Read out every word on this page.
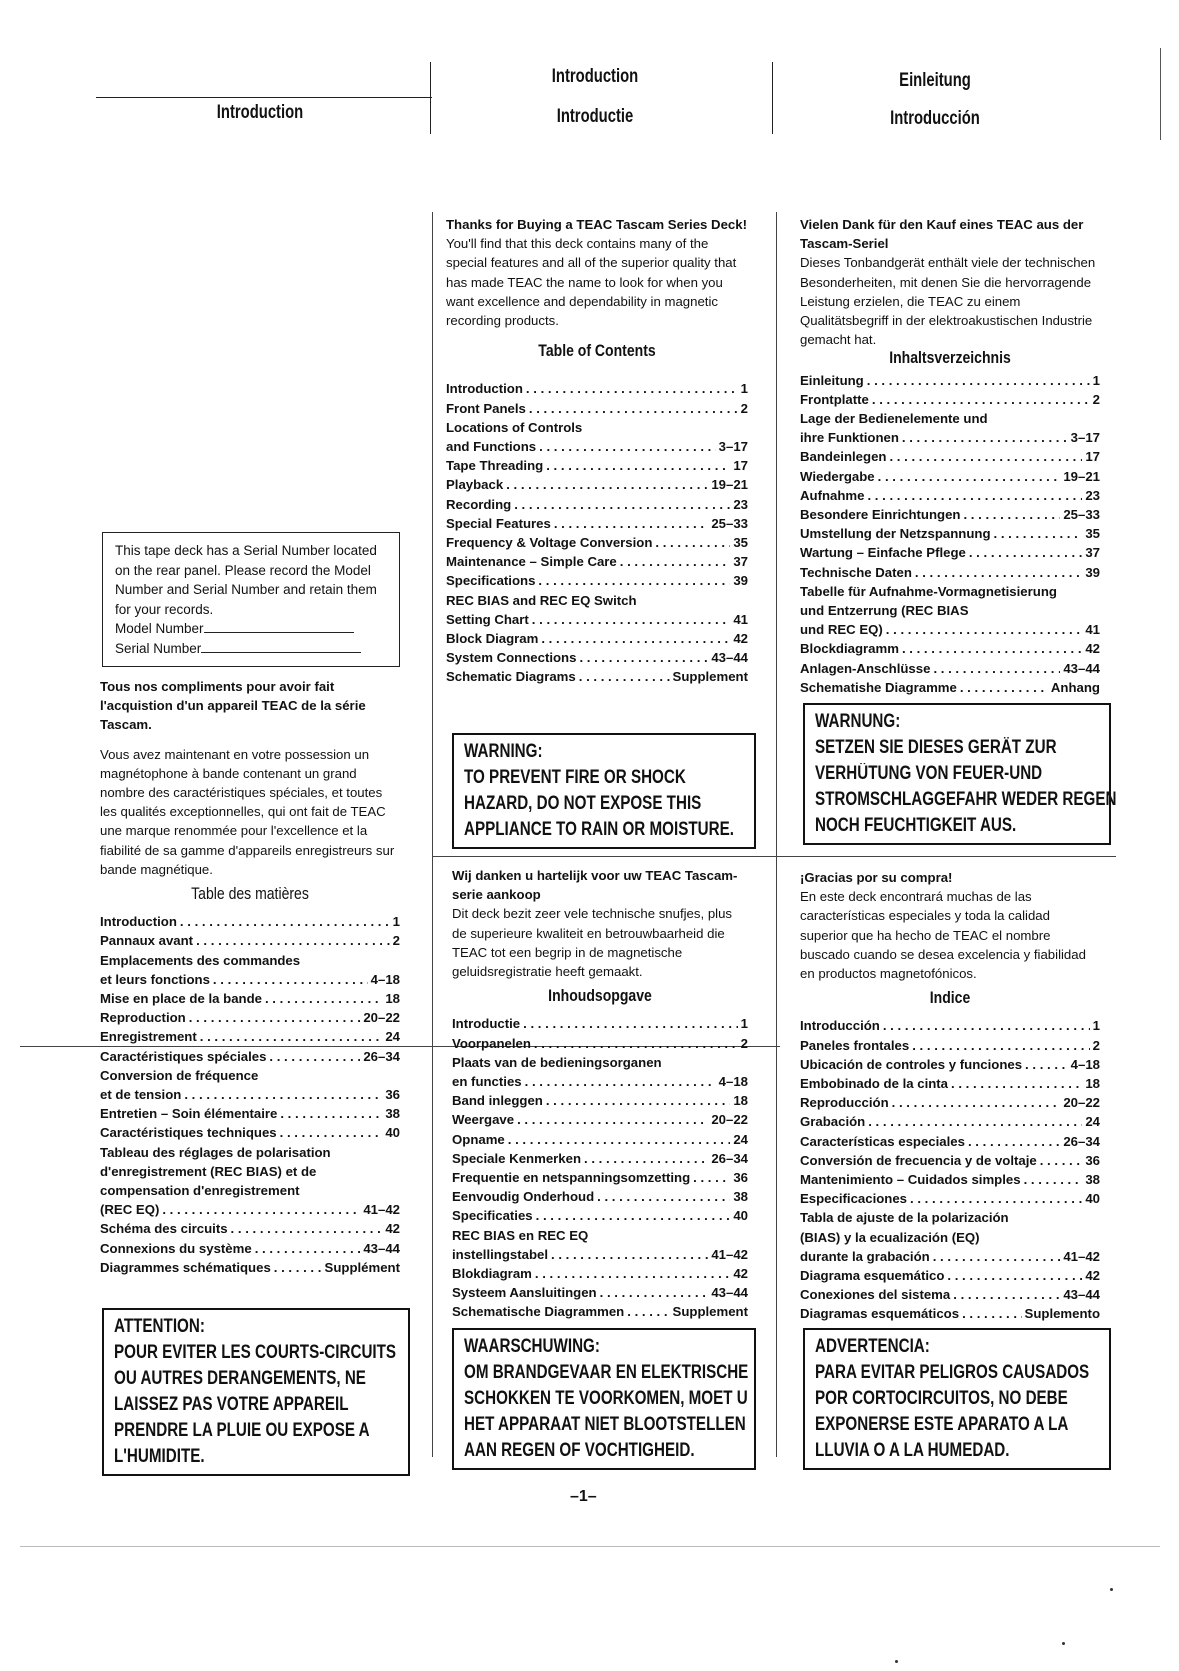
Introduction
Introduction
Introductie
Einleitung
Introducción
This tape deck has a Serial Number located on the rear panel. Please record the Model Number and Serial Number and retain them for your records.
Model Number
Serial Number

Tous nos compliments pour avoir fait l'acquistion d'un appareil TEAC de la série Tascam.

Vous avez maintenant en votre possession un magnétophone à bande contenant un grand nombre des caractéristiques spéciales, et toutes les qualités exceptionnelles, qui ont fait de TEAC une marque renommée pour l'excellence et la fiabilité de sa gamme d'appareils enregistreurs sur bande magnétique.

Table des matières
Introduction . . .	1
Pannaux avant . . .	2
Emplacements des commandes
et leurs fonctions . . .	4–18
Mise en place de la bande . . .	18
Reproduction . . .	20–22
Enregistrement . . .	24
Caractéristiques spéciales . . .	26–34
Conversion de fréquence
et de tension . . .	36
Entretien – Soin élémentaire . . .	38
Caractéristiques techniques . . .	40
Tableau des réglages de polarisation
d'enregistrement (REC BIAS) et de
compensation d'enregistrement
(REC EQ) . . .	41–42
Schéma des circuits . . .	42
Connexions du système . . .	43–44
Diagrammes schématiques . . .	Supplément
ATTENTION:
POUR EVITER LES COURTS-CIRCUITS
OU AUTRES DERANGEMENTS, NE
LAISSEZ PAS VOTRE APPAREIL
PRENDRE LA PLUIE OU EXPOSE A
L'HUMIDITE.

Thanks for Buying a TEAC Tascam Series Deck!

You'll find that this deck contains many of the special features and all of the superior quality that has made TEAC the name to look for when you want excellence and dependability in magnetic recording products.

Table of Contents
Introduction . . .	1
Front Panels . . .	2
Locations of Controls
and Functions . . .	3–17
Tape Threading . . .	17
Playback . . .	19–21
Recording . . .	23
Special Features . . .	25–33
Frequency & Voltage Conversion . . .	35
Maintenance – Simple Care . . .	37
Specifications . . .	39
REC BIAS and REC EQ Switch
Setting Chart . . .	41
Block Diagram . . .	42
System Connections . . .	43–44
Schematic Diagrams . . .	Supplement
WARNING:
TO PREVENT FIRE OR SHOCK
HAZARD, DO NOT EXPOSE THIS
APPLIANCE TO RAIN OR MOISTURE.

Wij danken u hartelijk voor uw TEAC Tascam-serie aankoop

Dit deck bezit zeer vele technische snufjes, plus de superieure kwaliteit en betrouwbaarheid die TEAC tot een begrip in de magnetische geluidsregistratie heeft gemaakt.

Inhoudsopgave
Introductie . . .	1
Voorpanelen . . .	2
Plaats van de bedieningsorganen
en functies . . .	4–18
Band inleggen . . .	18
Weergave . . .	20–22
Opname . . .	24
Speciale Kenmerken . . .	26–34
Frequentie en netspanningsomzetting . . .	36
Eenvoudig Onderhoud . . .	38
Specificaties . . .	40
REC BIAS en REC EQ
instellingstabel . . .	41–42
Blokdiagram . . .	42
Systeem Aansluitingen . . .	43–44
Schematische Diagrammen . . .	Supplement
WAARSCHUWING:
OM BRANDGEVAAR EN ELEKTRISCHE
SCHOKKEN TE VOORKOMEN, MOET U
HET APPARAAT NIET BLOOTSTELLEN
AAN REGEN OF VOCHTIGHEID.

Vielen Dank für den Kauf eines TEAC aus der Tascam-Seriel

Dieses Tonbandgerät enthält viele der technischen Besonderheiten, mit denen Sie die hervorragende Leistung erzielen, die TEAC zu einem Qualitätsbegriff in der elektroakustischen Industrie gemacht hat.

Inhaltsverzeichnis
Einleitung . . .	1
Frontplatte . . .	2
Lage der Bedienelemente und
ihre Funktionen . . .	3–17
Bandeinlegen . . .	17
Wiedergabe . . .	19–21
Aufnahme . . .	23
Besondere Einrichtungen . . .	25–33
Umstellung der Netzspannung . . .	35
Wartung – Einfache Pflege . . .	37
Technische Daten . . .	39
Tabelle für Aufnahme-Vormagnetisierung
und Entzerrung (REC BIAS
und REC EQ) . . .	41
Blockdiagramm . . .	42
Anlagen-Anschlüsse . . .	43–44
Schematishe Diagramme . . .	Anhang
WARNUNG:
SETZEN SIE DIESES GERÄT ZUR
VERHÜTUNG VON FEUER-UND
STROMSCHLAGGEFAHR WEDER REGEN
NOCH FEUCHTIGKEIT AUS.

¡Gracias por su compra!

En este deck encontrará muchas de las características especiales y toda la calidad superior que ha hecho de TEAC el nombre buscado cuando se desea excelencia y fiabilidad en productos magnetofónicos.

Indice
Introducción . . .	1
Paneles frontales . . .	2
Ubicación de controles y funciones . . .	4–18
Embobinado de la cinta . . .	18
Reproducción . . .	20–22
Grabación . . .	24
Características especiales . . .	26–34
Conversión de frecuencia y de voltaje . . .	36
Mantenimiento – Cuidados simples . . .	38
Especificaciones . . .	40
Tabla de ajuste de la polarización
(BIAS) y la ecualización (EQ)
durante la grabación . . .	41–42
Diagrama esquemático . . .	42
Conexiones del sistema . . .	43–44
Diagramas esquemáticos . . .	Suplemento
ADVERTENCIA:
PARA EVITAR PELIGROS CAUSADOS
POR CORTOCIRCUITOS, NO DEBE
EXPONERSE ESTE APARATO A LA
LLUVIA O A LA HUMEDAD.
–1–
